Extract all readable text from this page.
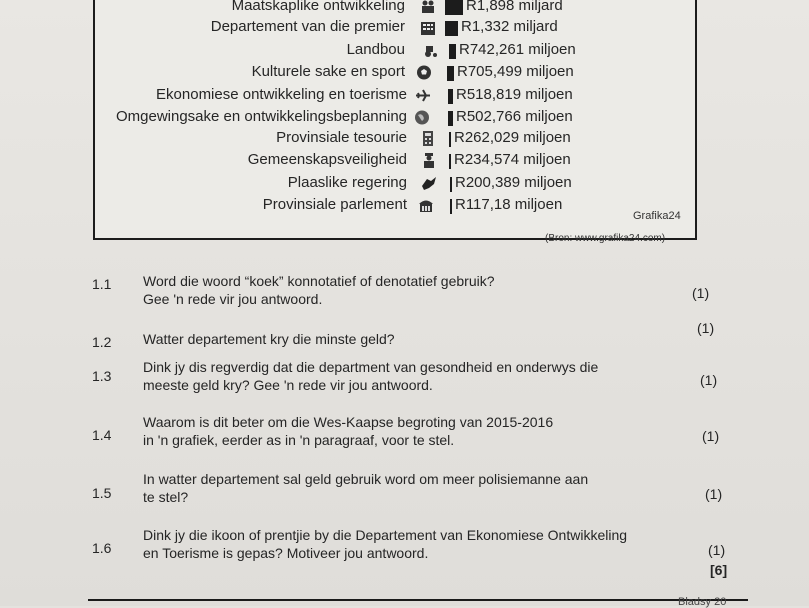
Maatskaplike ontwikkeling	R1,898 miljard
Departement van die premier	R1,332 miljard
Landbou	R742,261 miljoen
Kulturele sake en sport	R705,499 miljoen
Ekonomiese ontwikkeling en toerisme	R518,819 miljoen
Omgewingsake en ontwikkelingsbeplanning	R502,766 miljoen
Provinsiale tesourie	R262,029 miljoen
Gemeenskapsveiligheid	R234,574 miljoen
Plaaslike regering	R200,389 miljoen
Provinsiale parlement	R117,18 miljoen
Grafika24
(Bron: www.grafika24.com)
1.1 Word die woord “koek” konnotatief of denotatief gebruik?
Gee 'n rede vir jou antwoord.	(1)
1.2 Watter departement kry die minste geld?
(1)
1.3
Dink jy dis regverdig dat die department van gesondheid en onderwys die
meeste geld kry? Gee 'n rede vir jou antwoord.	(1)
1.4
Waarom is dit beter om die Wes-Kaapse begroting van 2015-2016
in 'n grafiek, eerder as in 'n paragraaf, voor te stel.	(1)
1.5
In watter departement sal geld gebruik word om meer polisiemanne aan
te stel?	(1)
1.6
Dink jy die ikoon of prentjie by die Departement van Ekonomiese Ontwikkeling
en Toerisme is gepas? Motiveer jou antwoord.	(1)
[6]
Bladsy 20
